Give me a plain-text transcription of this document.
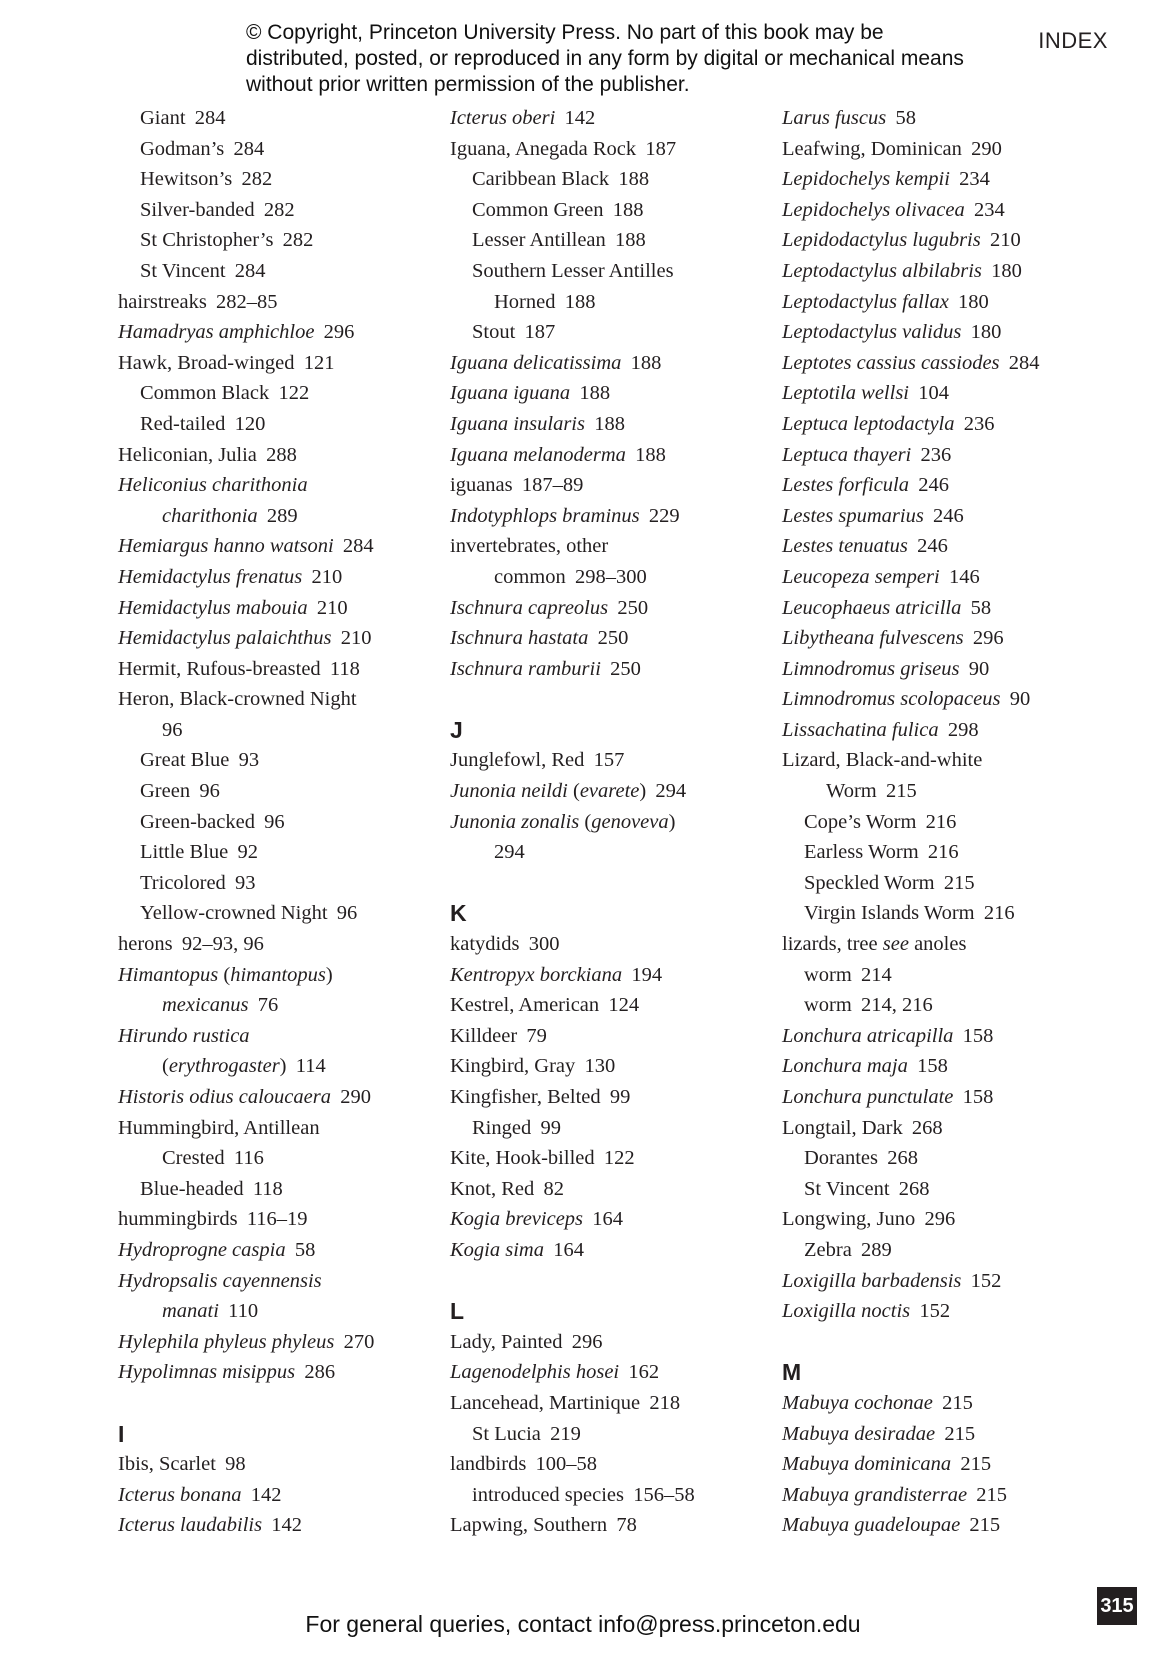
© Copyright, Princeton University Press. No part of this book may be distributed, posted, or reproduced in any form by digital or mechanical means without prior written permission of the publisher.
INDEX
Giant 284
Godman’s 284
Hewitson’s 282
Silver-banded 282
St Christopher’s 282
St Vincent 284
hairstreaks 282–85
Hamadryas amphichloe 296
Hawk, Broad-winged 121
Common Black 122
Red-tailed 120
Heliconian, Julia 288
Heliconius charithonia
charithonia 289
Hemiargus hanno watsoni 284
Hemidactylus frenatus 210
Hemidactylus mabouia 210
Hemidactylus palaichthus 210
Hermit, Rufous-breasted 118
Heron, Black-crowned Night
96
Great Blue 93
Green 96
Green-backed 96
Little Blue 92
Tricolored 93
Yellow-crowned Night 96
herons 92–93, 96
Himantopus (himantopus)
mexicanus 76
Hirundo rustica
(erythrogaster) 114
Historis odius caloucaera 290
Hummingbird, Antillean
Crested 116
Blue-headed 118
hummingbirds 116–19
Hydroprogne caspia 58
Hydropsalis cayennensis
manati 110
Hylephila phyleus phyleus 270
Hypolimnas misippus 286
I
Ibis, Scarlet 98
Icterus bonana 142
Icterus laudabilis 142
Icterus oberi 142
Iguana, Anegada Rock 187
Caribbean Black 188
Common Green 188
Lesser Antillean 188
Southern Lesser Antilles
Horned 188
Stout 187
Iguana delicatissima 188
Iguana iguana 188
Iguana insularis 188
Iguana melanoderma 188
iguanas 187–89
Indotyphlops braminus 229
invertebrates, other
common 298–300
Ischnura capreolus 250
Ischnura hastata 250
Ischnura ramburii 250
J
Junglefowl, Red 157
Junonia neildi (evarete) 294
Junonia zonalis (genoveva)
294
K
katydids 300
Kentropyx borckiana 194
Kestrel, American 124
Killdeer 79
Kingbird, Gray 130
Kingfisher, Belted 99
Ringed 99
Kite, Hook-billed 122
Knot, Red 82
Kogia breviceps 164
Kogia sima 164
L
Lady, Painted 296
Lagenodelphis hosei 162
Lancehead, Martinique 218
St Lucia 219
landbirds 100–58
introduced species 156–58
Lapwing, Southern 78
Larus fuscus 58
Leafwing, Dominican 290
Lepidochelys kempii 234
Lepidochelys olivacea 234
Lepidodactylus lugubris 210
Leptodactylus albilabris 180
Leptodactylus fallax 180
Leptodactylus validus 180
Leptotes cassius cassiodes 284
Leptotila wellsi 104
Leptuca leptodactyla 236
Leptuca thayeri 236
Lestes forficula 246
Lestes spumarius 246
Lestes tenuatus 246
Leucopeza semperi 146
Leucophaeus atricilla 58
Libytheana fulvescens 296
Limnodromus griseus 90
Limnodromus scolopaceus 90
Lissachatina fulica 298
Lizard, Black-and-white
Worm 215
Cope’s Worm 216
Earless Worm 216
Speckled Worm 215
Virgin Islands Worm 216
lizards, tree see anoles
worm 214
worm 214, 216
Lonchura atricapilla 158
Lonchura maja 158
Lonchura punctulate 158
Longtail, Dark 268
Dorantes 268
St Vincent 268
Longwing, Juno 296
Zebra 289
Loxigilla barbadensis 152
Loxigilla noctis 152
M
Mabuya cochonae 215
Mabuya desiradae 215
Mabuya dominicana 215
Mabuya grandisterrae 215
Mabuya guadeloupae 215
For general queries, contact info@press.princeton.edu
315
